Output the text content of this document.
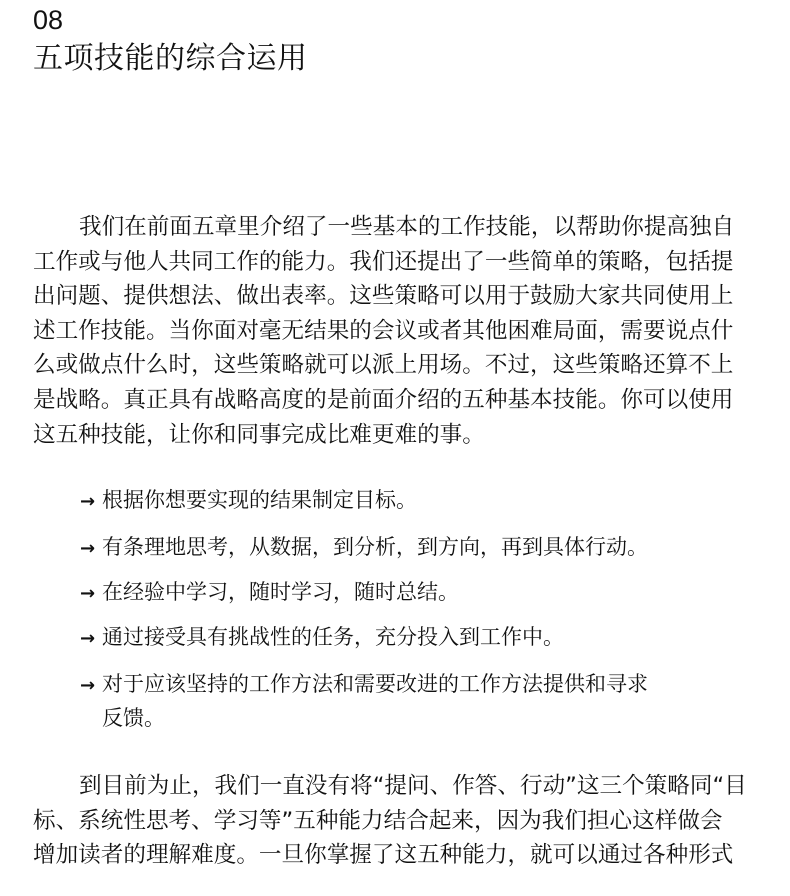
08
五项技能的综合运用
我们在前面五章里介绍了一些基本的工作技能，以帮助你提高独自
工作或与他人共同工作的能力。我们还提出了一些简单的策略，包括提
出问题、提供想法、做出表率。这些策略可以用于鼓励大家共同使用上
述工作技能。当你面对毫无结果的会议或者其他困难局面，需要说点什
么或做点什么时，这些策略就可以派上用场。不过，这些策略还算不上
是战略。真正具有战略高度的是前面介绍的五种基本技能。你可以使用
这五种技能，让你和同事完成比难更难的事。
→ 根据你想要实现的结果制定目标。
→ 有条理地思考，从数据，到分析，到方向，再到具体行动。
→ 在经验中学习，随时学习，随时总结。
→ 通过接受具有挑战性的任务，充分投入到工作中。
→ 对于应该坚持的工作方法和需要改进的工作方法提供和寻求
反馈。
到目前为止，我们一直没有将“提问、作答、行动”这三个策略同“目
标、系统性思考、学习等”五种能力结合起来，因为我们担心这样做会
增加读者的理解难度。一旦你掌握了这五种能力，就可以通过各种形式
